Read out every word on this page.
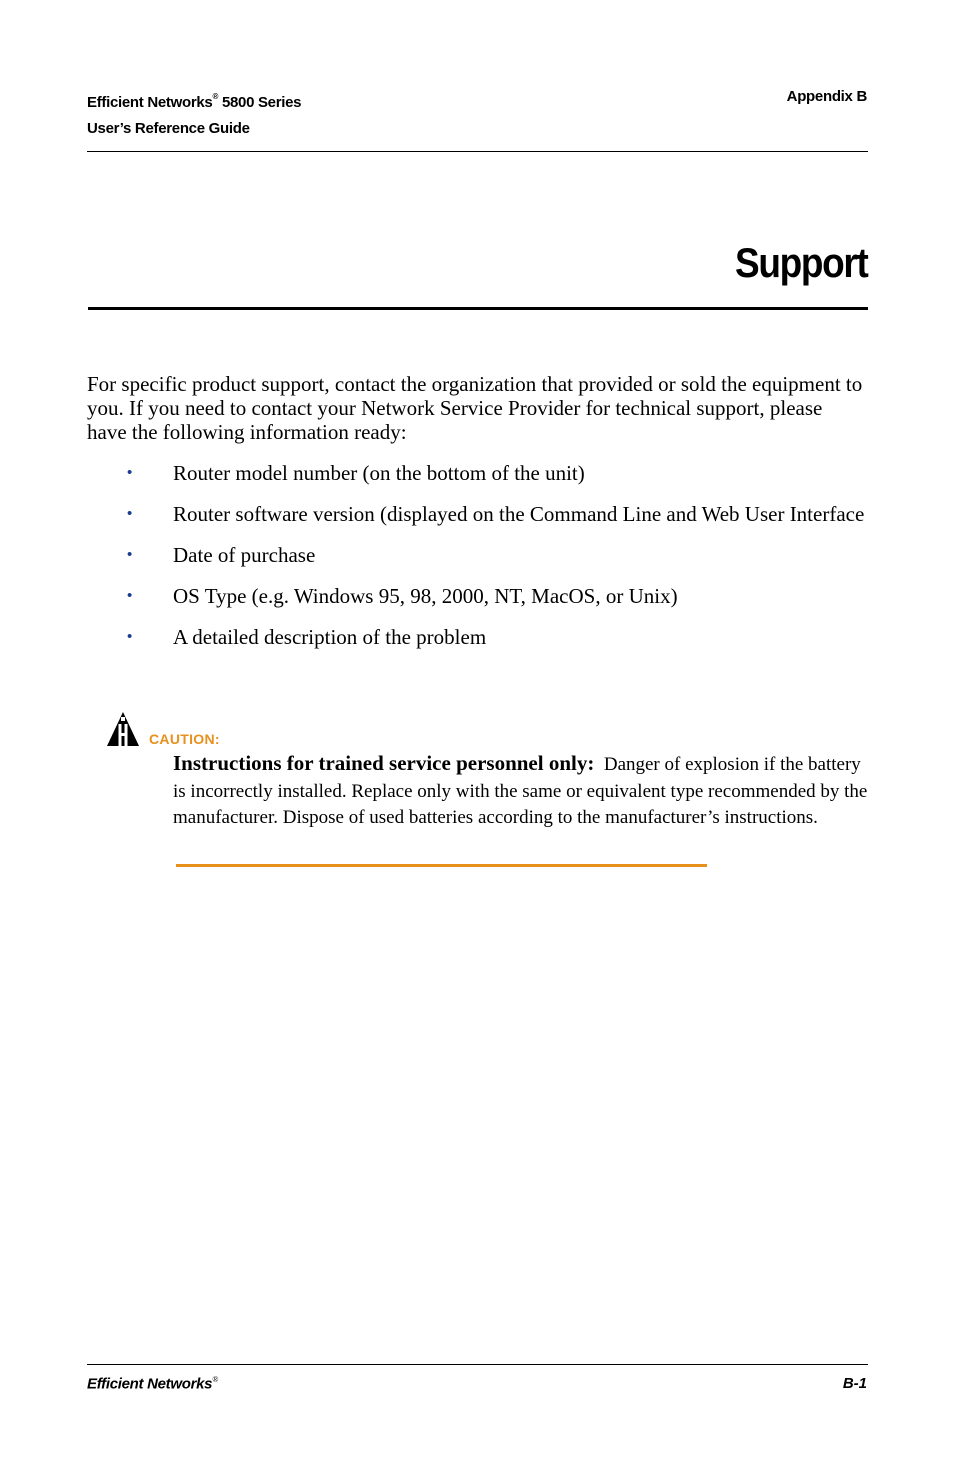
Efficient Networks® 5800 Series
User’s Reference Guide
Appendix B
Support

For specific product support, contact the organization that provided or sold the equipment to you. If you need to contact your Network Service Provider for technical support, please have the following information ready:

• Router model number (on the bottom of the unit)
• Router software version (displayed on the Command Line and Web User Interface
• Date of purchase
• OS Type (e.g. Windows 95, 98, 2000, NT, MacOS, or Unix)
• A detailed description of the problem
CAUTION:
Instructions for trained service personnel only: Danger of explosion if the battery is incorrectly installed. Replace only with the same or equivalent type recommended by the manufacturer. Dispose of used batteries according to the manufacturer’s instructions.
Efficient Networks®	B-1
